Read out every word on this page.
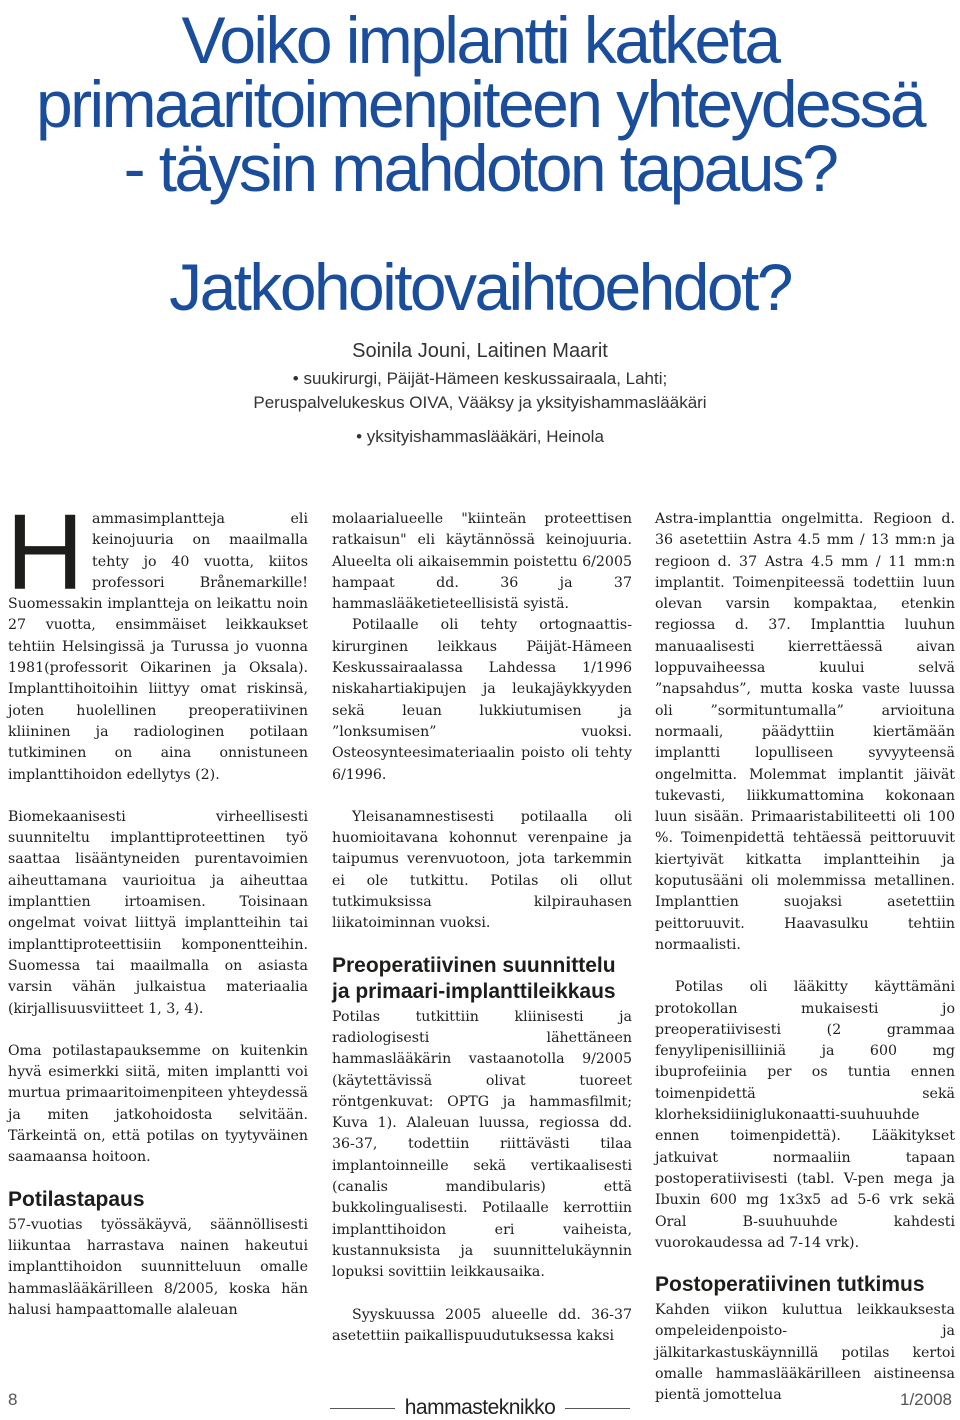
Voiko implantti katketa
primaaritoimenpiteen yhteydessä
- täysin mahdoton tapaus?
Jatkohoitovaihtoehdot?
Soinila Jouni, Laitinen Maarit
• suukirurgi, Päijät-Hämeen keskussairaala, Lahti;
Peruspalvelukeskus OIVA, Vääksy ja yksityishammaslääkäri
• yksityishammaslääkäri, Heinola

H ammasimplantteja eli keinojuuria on maailmalla tehty jo 40 vuotta, kiitos professori Brånemarkille! Suomessakin implantteja on leikattu noin 27 vuotta, ensimmäiset leikkaukset tehtiin Helsingissä ja Turussa jo vuonna 1981(professorit Oikarinen ja Oksala). Implanttihoitoihin liittyy omat riskinsä, joten huolellinen preoperatiivinen kliininen ja radiologinen potilaan tutkiminen on aina onnistuneen implanttihoidon edellytys (2).

Biomekaanisesti virheellisesti suunniteltu implanttiproteettinen työ saattaa lisääntyneiden purentavoimien aiheuttamana vaurioitua ja aiheuttaa implanttien irtoamisen. Toisinaan ongelmat voivat liittyä implantteihin tai implanttiproteettisiin komponentteihin. Suomessa tai maailmalla on asiasta varsin vähän julkaistua materiaalia (kirjallisuusviitteet 1, 3, 4).

Oma potilastapauksemme on kuitenkin hyvä esimerkki siitä, miten implantti voi murtua primaaritoimenpiteen yhteydessä ja miten jatkohoidosta selvitään. Tärkeintä on, että potilas on tyytyväinen saamaansa hoitoon.

Potilastapaus

57-vuotias työssäkäyvä, säännöllisesti liikuntaa harrastava nainen hakeutui implanttihoidon suunnitteluun omalle hammaslääkärilleen 8/2005, koska hän halusi hampaattomalle alaleuan

molaarialueelle "kiinteän proteettisen ratkaisun" eli käytännössä keinojuuria. Alueelta oli aikaisemmin poistettu 6/2005 hampaat dd. 36 ja 37 hammaslääketieteellisistä syistä.

Potilaalle oli tehty ortognaattis-kirurginen leikkaus Päijät-Hämeen Keskussairaalassa Lahdessa 1/1996 niskahartiakipujen ja leukajäykkyyden sekä leuan lukkiutumisen ja ”lonksumisen” vuoksi. Osteosynteesimateriaalin poisto oli tehty 6/1996.

Yleisanamnestisesti potilaalla oli huomioitavana kohonnut verenpaine ja taipumus verenvuotoon, jota tarkemmin ei ole tutkittu. Potilas oli ollut tutkimuksissa kilpirauhasen liikatoiminnan vuoksi.

Preoperatiivinen suunnittelu ja primaari-implanttileikkaus

Potilas tutkittiin kliinisesti ja radiologisesti lähettäneen hammaslääkärin vastaanotolla 9/2005 (käytettävissä olivat tuoreet röntgenkuvat: OPTG ja hammasfilmit; Kuva 1). Alaleuan luussa, regiossa dd. 36-37, todettiin riittävästi tilaa implantoinneille sekä vertikaalisesti (canalis mandibularis) että bukkolingualisesti. Potilaalle kerrottiin implanttihoidon eri vaiheista, kustannuksista ja suunnittelukäynnin lopuksi sovittiin leikkausaika.

Syyskuussa 2005 alueelle dd. 36-37 asetettiin paikallispuudutuksessa kaksi

Astra-implanttia ongelmitta. Regioon d. 36 asetettiin Astra 4.5 mm / 13 mm:n ja regioon d. 37 Astra 4.5 mm / 11 mm:n implantit. Toimenpiteessä todettiin luun olevan varsin kompaktaa, etenkin regiossa d. 37. Implanttia luuhun manuaalisesti kierrettäessä aivan loppuvaiheessa kuului selvä ”napsahdus”, mutta koska vaste luussa oli ”sormituntumalla” arvioituna normaali, päädyttiin kiertämään implantti lopulliseen syvyyteensä ongelmitta. Molemmat implantit jäivät tukevasti, liikkumattomina kokonaan luun sisään. Primaaristabiliteetti oli 100 %. Toimenpidettä tehtäessä peittoruuvit kiertyivät kitkatta implantteihin ja koputusääni oli molemmissa metallinen. Implanttien suojaksi asetettiin peittoruuvit. Haavasulku tehtiin normaalisti.

Potilas oli lääkitty käyttämäni protokollan mukaisesti jo preoperatiivisesti (2 grammaa fenyylipenisilliiniä ja 600 mg ibuprofeiinia per os tuntia ennen toimenpidettä sekä klorheksidiiniglukonaatti-suuhuuhde ennen toimenpidettä). Lääkitykset jatkuivat normaaliin tapaan postoperatiivisesti (tabl. V-pen mega ja Ibuxin 600 mg 1x3x5 ad 5-6 vrk sekä Oral B-suuhuuhde kahdesti vuorokaudessa ad 7-14 vrk).

Postoperatiivinen tutkimus

Kahden viikon kuluttua leikkauksesta ompeleidenpoisto- ja jälkitarkastuskäynnillä potilas kertoi omalle hammaslääkärilleen aistineensa pientä jomottelua

8	hammasteknikko	1/2008
